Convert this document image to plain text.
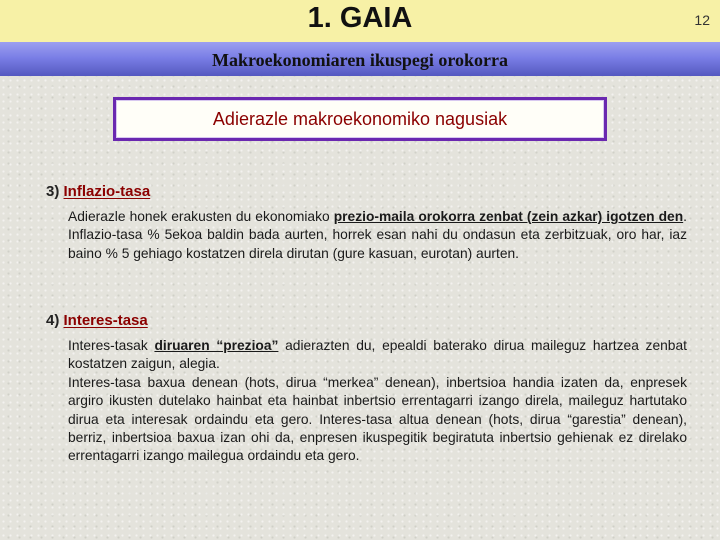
1. GAIA	12
Makroekonomiaren ikuspegi orokorra
Adierazle makroekonomiko nagusiak
3) Inflazio-tasa

Adierazle honek erakusten du ekonomiako prezio-maila orokorra zenbat (zein azkar) igotzen den. Inflazio-tasa % 5ekoa baldin bada aurten, horrek esan nahi du ondasun eta zerbitzuak, oro har, iaz baino % 5 gehiago kostatzen direla dirutan (gure kasuan, eurotan) aurten.

4) Interes-tasa

Interes-tasak diruaren “prezioa” adierazten du, epealdi baterako dirua maileguz hartzea zenbat kostatzen zaigun, alegia.

Interes-tasa baxua denean (hots, dirua “merkea” denean), inbertsioa handia izaten da, enpresek argiro ikusten dutelako hainbat eta hainbat inbertsio errentagarri izango direla, maileguz hartutako dirua eta interesak ordaindu eta gero. Interes-tasa altua denean (hots, dirua “garestia” denean), berriz, inbertsioa baxua izan ohi da, enpresen ikuspegitik begiratuta inbertsio gehienak ez direlako errentagarri izango mailegua ordaindu eta gero.
